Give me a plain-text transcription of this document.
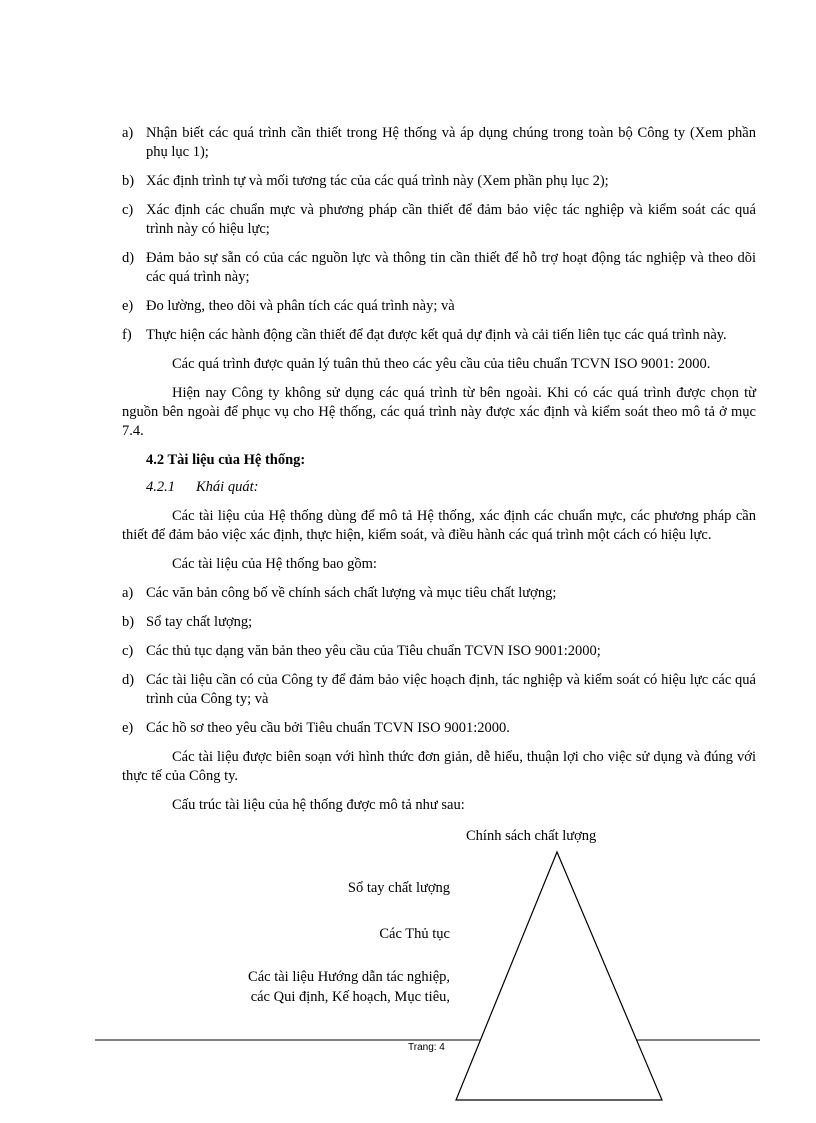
a) Nhận biết các quá trình cần thiết trong Hệ thống và áp dụng chúng trong toàn bộ Công ty (Xem phần phụ lục 1);
b) Xác định trình tự và mối tương tác của các quá trình này (Xem phần phụ lục 2);
c) Xác định các chuẩn mực và phương pháp cần thiết để đảm bảo việc tác nghiệp và kiểm soát các quá trình này có hiệu lực;
d) Đảm bảo sự sẵn có của các nguồn lực và thông tin cần thiết để hỗ trợ hoạt động tác nghiệp và theo dõi các quá trình này;
e) Đo lường, theo dõi và phân tích các quá trình này; và
f) Thực hiện các hành động cần thiết để đạt được kết quả dự định và cải tiến liên tục các quá trình này.
Các quá trình được quản lý tuân thủ theo các yêu cầu của tiêu chuẩn TCVN ISO 9001: 2000.
Hiện nay Công ty không sử dụng các quá trình từ bên ngoài. Khi có các quá trình được chọn từ nguồn bên ngoài để phục vụ cho Hệ thống, các quá trình này được xác định và kiểm soát theo mô tả ở mục 7.4.
4.2 Tài liệu của Hệ thống:
4.2.1 Khái quát:
Các tài liệu của Hệ thống dùng để mô tả Hệ thống, xác định các chuẩn mực, các phương pháp cần thiết để đảm bảo việc xác định, thực hiện, kiểm soát, và điều hành các quá trình một cách có hiệu lực.
Các tài liệu của Hệ thống bao gồm:
a) Các văn bản công bố về chính sách chất lượng và mục tiêu chất lượng;
b) Sổ tay chất lượng;
c) Các thủ tục dạng văn bản theo yêu cầu của Tiêu chuẩn TCVN ISO 9001:2000;
d) Các tài liệu cần có của Công ty để đảm bảo việc hoạch định, tác nghiệp và kiểm soát có hiệu lực các quá trình của Công ty; và
e) Các hồ sơ theo yêu cầu bởi Tiêu chuẩn TCVN ISO 9001:2000.
Các tài liệu được biên soạn với hình thức đơn giản, dễ hiểu, thuận lợi cho việc sử dụng và đúng với thực tế của Công ty.
Cấu trúc tài liệu của hệ thống được mô tả như sau:
Chính sách chất lượng
Sổ tay chất lượng
Các Thủ tục
Các tài liệu Hướng dẫn tác nghiệp,
các Qui định, Kế hoạch, Mục tiêu,
Trang: 4
